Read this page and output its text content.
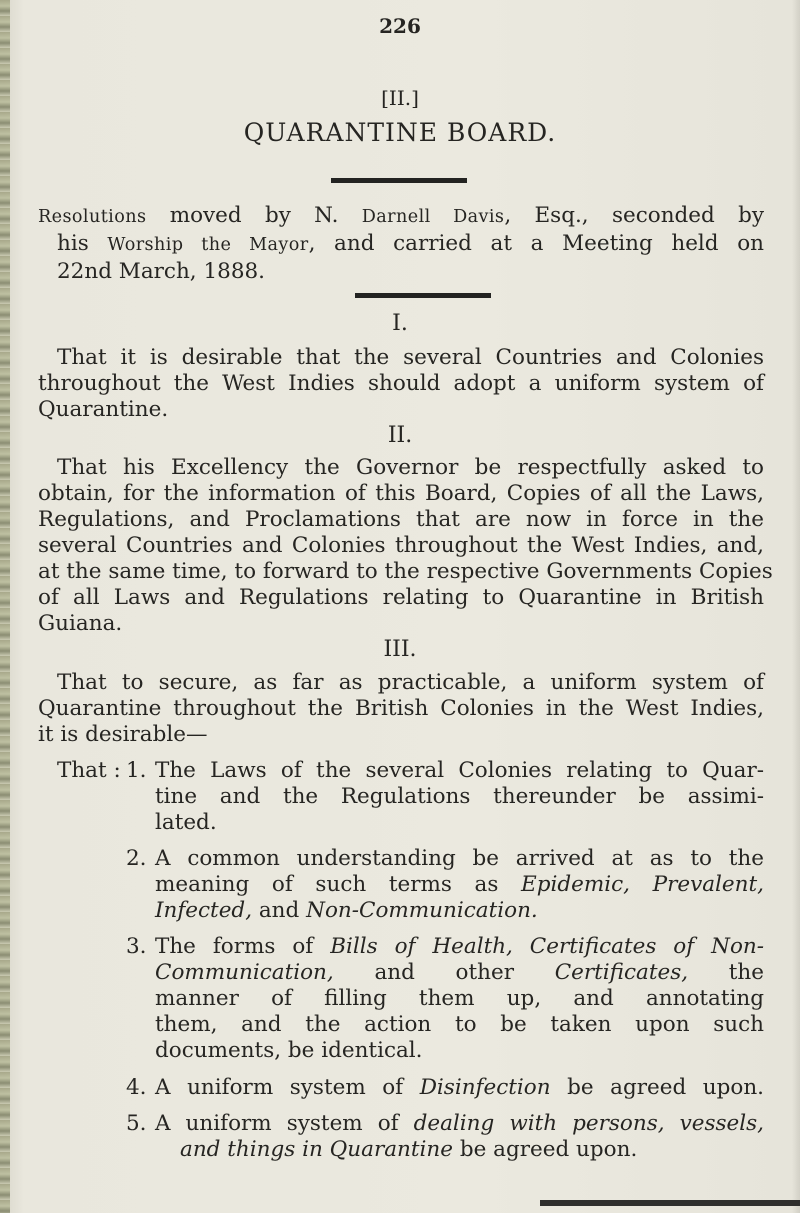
226
[II.]
QUARANTINE BOARD.
Resolutions moved by N. Darnell Davis, Esq., seconded by
his Worship the Mayor, and carried at a Meeting held on
22nd March, 1888.
I.
That it is desirable that the several Countries and Colonies
throughout the West Indies should adopt a uniform system of
Quarantine.
II.
That his Excellency the Governor be respectfully asked to
obtain, for the information of this Board, Copies of all the Laws,
Regulations, and Proclamations that are now in force in the
several Countries and Colonies throughout the West Indies, and,
at the same time, to forward to the respective Governments Copies
of all Laws and Regulations relating to Quarantine in British
Guiana.
III.
That to secure, as far as practicable, a uniform system of
Quarantine throughout the British Colonies in the West Indies,
it is desirable—
That : 1. The Laws of the several Colonies relating to Quar-
tine and the Regulations thereunder be assimi-
lated.
2. A common understanding be arrived at as to the
meaning of such terms as Epidemic, Prevalent,
Infected, and Non-Communication.
3. The forms of Bills of Health, Certificates of Non-
Communication, and other Certificates, the
manner of filling them up, and annotating
them, and the action to be taken upon such
documents, be identical.
4. A uniform system of Disinfection be agreed upon.
5. A uniform system of dealing with persons, vessels,
and things in Quarantine be agreed upon.
